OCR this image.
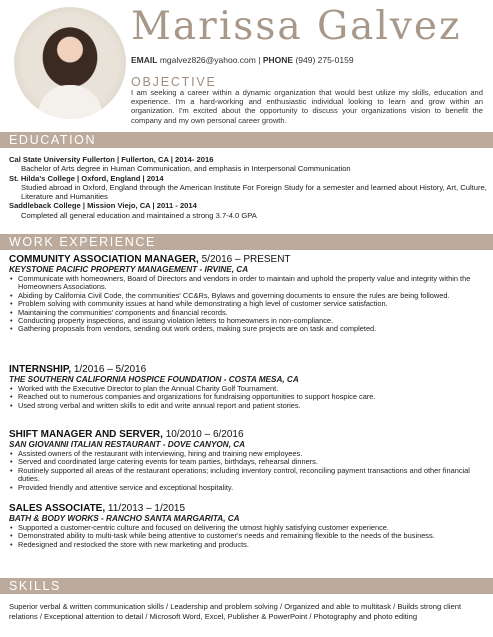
Marissa Galvez
EMAIL mgalvez826@yahoo.com | PHONE (949) 275-0159
OBJECTIVE
I am seeking a career within a dynamic organization that would best utilize my skills, education and experience. I'm a hard-working and enthusiastic individual looking to learn and grow within an organization. I'm excited about the opportunity to discuss your organizations vision to benefit the company and my own personal career growth.
EDUCATION
Cal State University Fullerton | Fullerton, CA | 2014- 2016
Bachelor of Arts degree in Human Communication, and emphasis in Interpersonal Communication
St. Hilda's College | Oxford, England | 2014
Studied abroad in Oxford, England through the American Institute For Foreign Study for a semester and learned about History, Art, Culture, Literature and Humanities
Saddleback College | Mission Viejo, CA | 2011 - 2014
Completed all general education and maintained a strong 3.7-4.0 GPA
WORK EXPERIENCE
COMMUNITY ASSOCIATION MANAGER, 5/2016 – PRESENT
KEYSTONE PACIFIC PROPERTY MANAGEMENT - IRVINE, CA
• Communicate with homeowners, Board of Directors and vendors in order to maintain and uphold the property value and integrity within the Homeowners Associations.
• Abiding by California Civil Code, the communities' CC&Rs, Bylaws and governing documents to ensure the rules are being followed.
• Problem solving with community issues at hand while demonstrating a high level of customer service satisfaction.
• Maintaining the communities' components and financial records.
• Conducting property inspections, and issuing violation letters to homeowners in non-compliance.
• Gathering proposals from vendors, sending out work orders, making sure projects are on task and completed.
INTERNSHIP, 1/2016 – 5/2016
THE SOUTHERN CALIFORNIA HOSPICE FOUNDATION - COSTA MESA, CA
• Worked with the Executive Director to plan the Annual Charity Golf Tournament.
• Reached out to numerous companies and organizations for fundraising opportunities to support hospice care.
• Used strong verbal and written skills to edit and write annual report and patient stories.
SHIFT MANAGER AND SERVER, 10/2010 – 6/2016
SAN GIOVANNI ITALIAN RESTAURANT - DOVE CANYON, CA
• Assisted owners of the restaurant with interviewing, hiring and training new employees.
• Served and coordinated large catering events for team parties, birthdays, rehearsal dinners.
• Routinely supported all areas of the restaurant operations; including inventory control, reconciling payment transactions and other financial duties.
• Provided friendly and attentive service and exceptional hospitality.
SALES ASSOCIATE, 11/2013 – 1/2015
BATH & BODY WORKS - RANCHO SANTA MARGARITA, CA
• Supported a customer-centric culture and focused on delivering the utmost highly satisfying customer experience.
• Demonstrated ability to multi-task while being attentive to customer's needs and remaining flexible to the needs of the business.
• Redesigned and restocked the store with new marketing and products.
SKILLS
Superior verbal & written communication skills / Leadership and problem solving / Organized and able to multitask / Builds strong client relations / Exceptional attention to detail / Microsoft Word, Excel, Publisher & PowerPoint / Photography and photo editing
